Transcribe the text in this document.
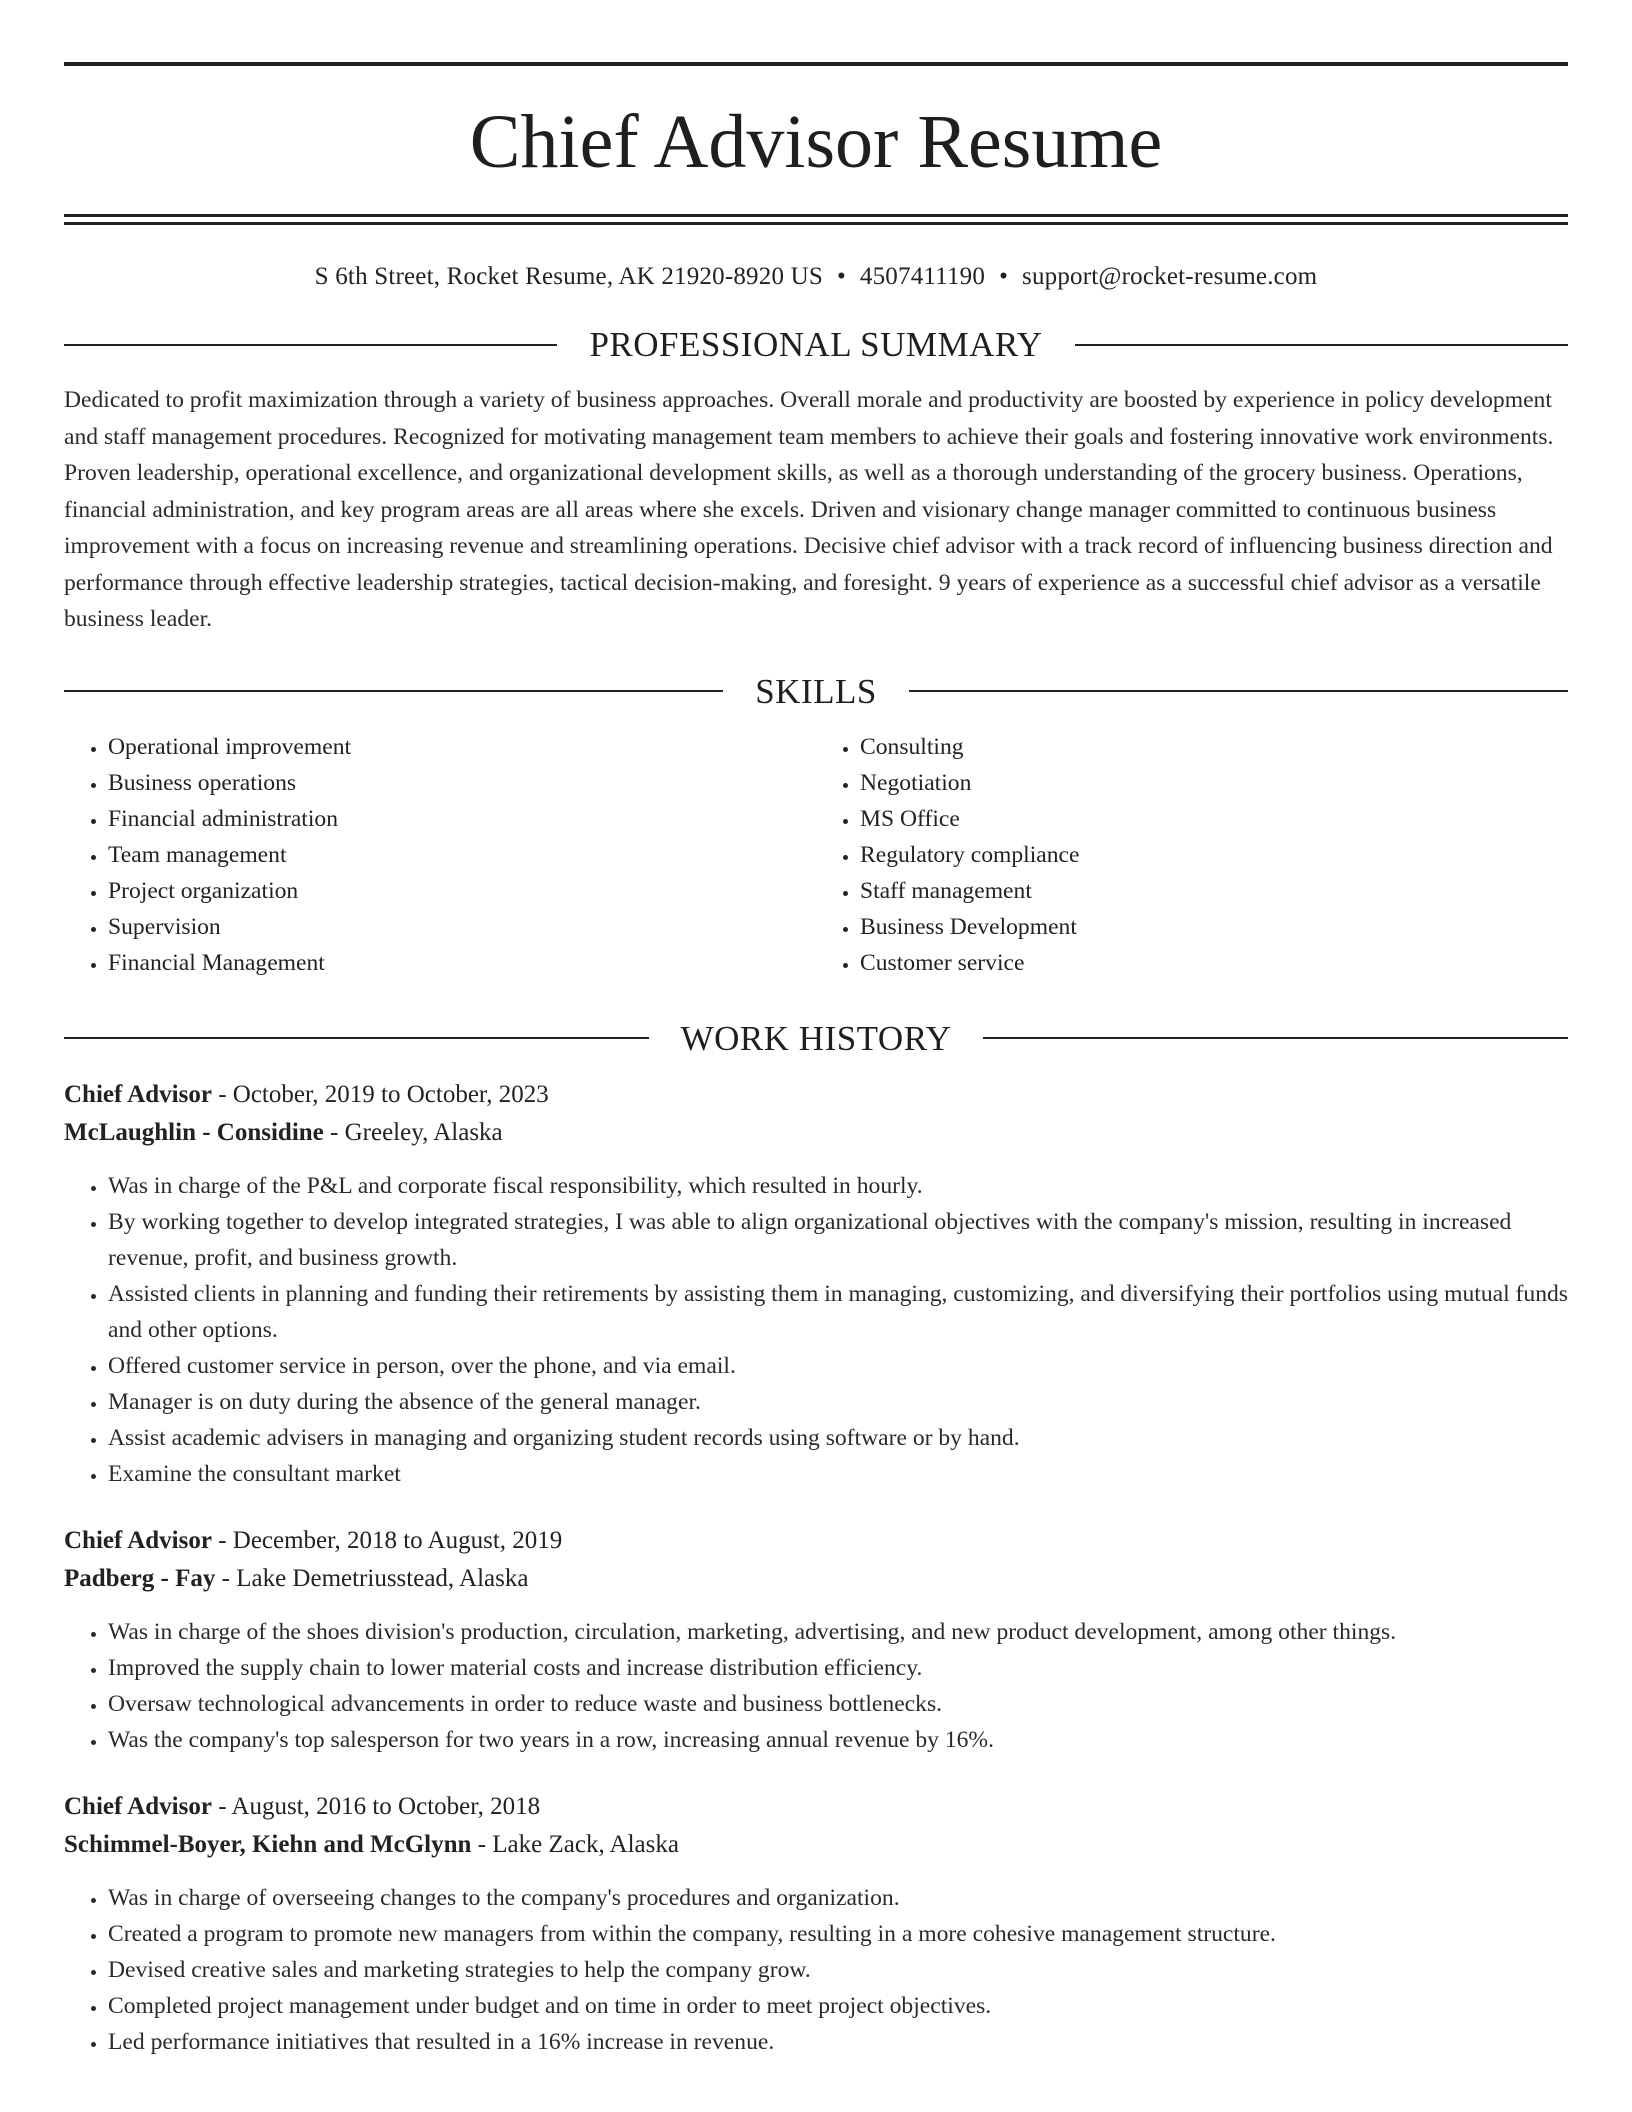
Chief Advisor Resume
S 6th Street, Rocket Resume, AK 21920-8920 US • 4507411190 • support@rocket-resume.com
PROFESSIONAL SUMMARY

Dedicated to profit maximization through a variety of business approaches. Overall morale and productivity are boosted by experience in policy development and staff management procedures. Recognized for motivating management team members to achieve their goals and fostering innovative work environments. Proven leadership, operational excellence, and organizational development skills, as well as a thorough understanding of the grocery business. Operations, financial administration, and key program areas are all areas where she excels. Driven and visionary change manager committed to continuous business improvement with a focus on increasing revenue and streamlining operations. Decisive chief advisor with a track record of influencing business direction and performance through effective leadership strategies, tactical decision-making, and foresight. 9 years of experience as a successful chief advisor as a versatile business leader.

SKILLS
• Operational improvement
• Business operations
• Financial administration
• Team management
• Project organization
• Supervision
• Financial Management
• Consulting
• Negotiation
• MS Office
• Regulatory compliance
• Staff management
• Business Development
• Customer service
WORK HISTORY
Chief Advisor - October, 2019 to October, 2023
McLaughlin - Considine - Greeley, Alaska
• Was in charge of the P&L and corporate fiscal responsibility, which resulted in hourly.
• By working together to develop integrated strategies, I was able to align organizational objectives with the company's mission, resulting in increased revenue, profit, and business growth.
• Assisted clients in planning and funding their retirements by assisting them in managing, customizing, and diversifying their portfolios using mutual funds and other options.
• Offered customer service in person, over the phone, and via email.
• Manager is on duty during the absence of the general manager.
• Assist academic advisers in managing and organizing student records using software or by hand.
• Examine the consultant market
Chief Advisor - December, 2018 to August, 2019
Padberg - Fay - Lake Demetriusstead, Alaska
• Was in charge of the shoes division's production, circulation, marketing, advertising, and new product development, among other things.
• Improved the supply chain to lower material costs and increase distribution efficiency.
• Oversaw technological advancements in order to reduce waste and business bottlenecks.
• Was the company's top salesperson for two years in a row, increasing annual revenue by 16%.
Chief Advisor - August, 2016 to October, 2018
Schimmel-Boyer, Kiehn and McGlynn - Lake Zack, Alaska
• Was in charge of overseeing changes to the company's procedures and organization.
• Created a program to promote new managers from within the company, resulting in a more cohesive management structure.
• Devised creative sales and marketing strategies to help the company grow.
• Completed project management under budget and on time in order to meet project objectives.
• Led performance initiatives that resulted in a 16% increase in revenue.
